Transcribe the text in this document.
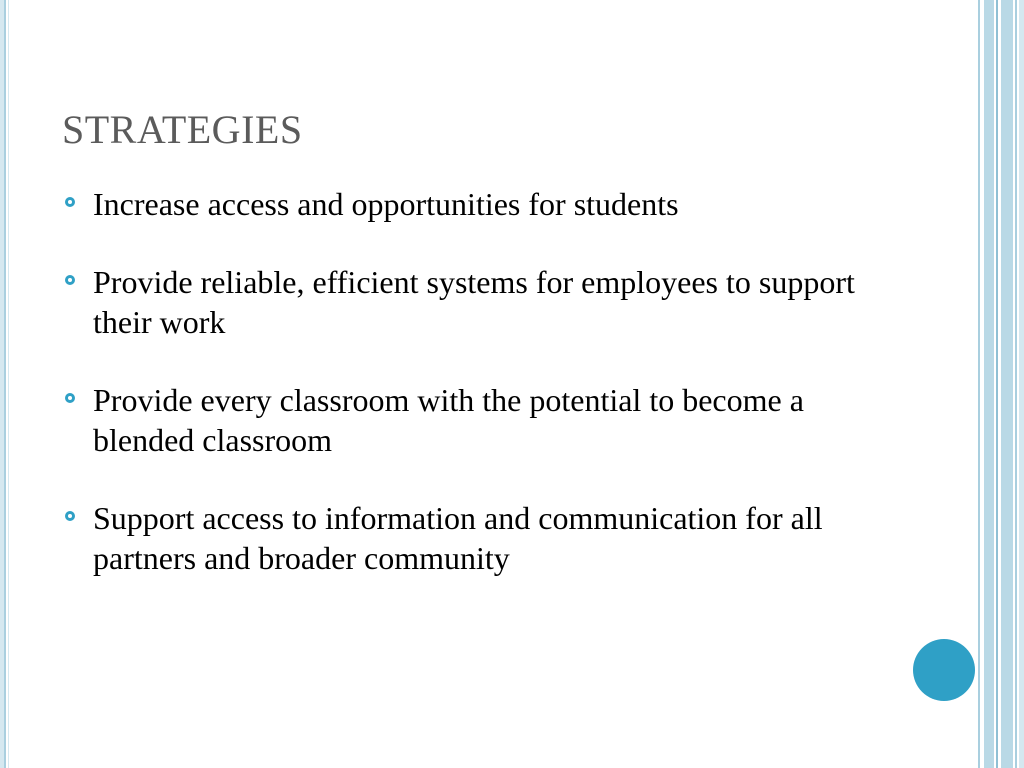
STRATEGIES
Increase access and opportunities for students
Provide reliable, efficient systems for employees to support their work
Provide every classroom with the potential to become a blended classroom
Support access to information and communication for all partners and broader community
